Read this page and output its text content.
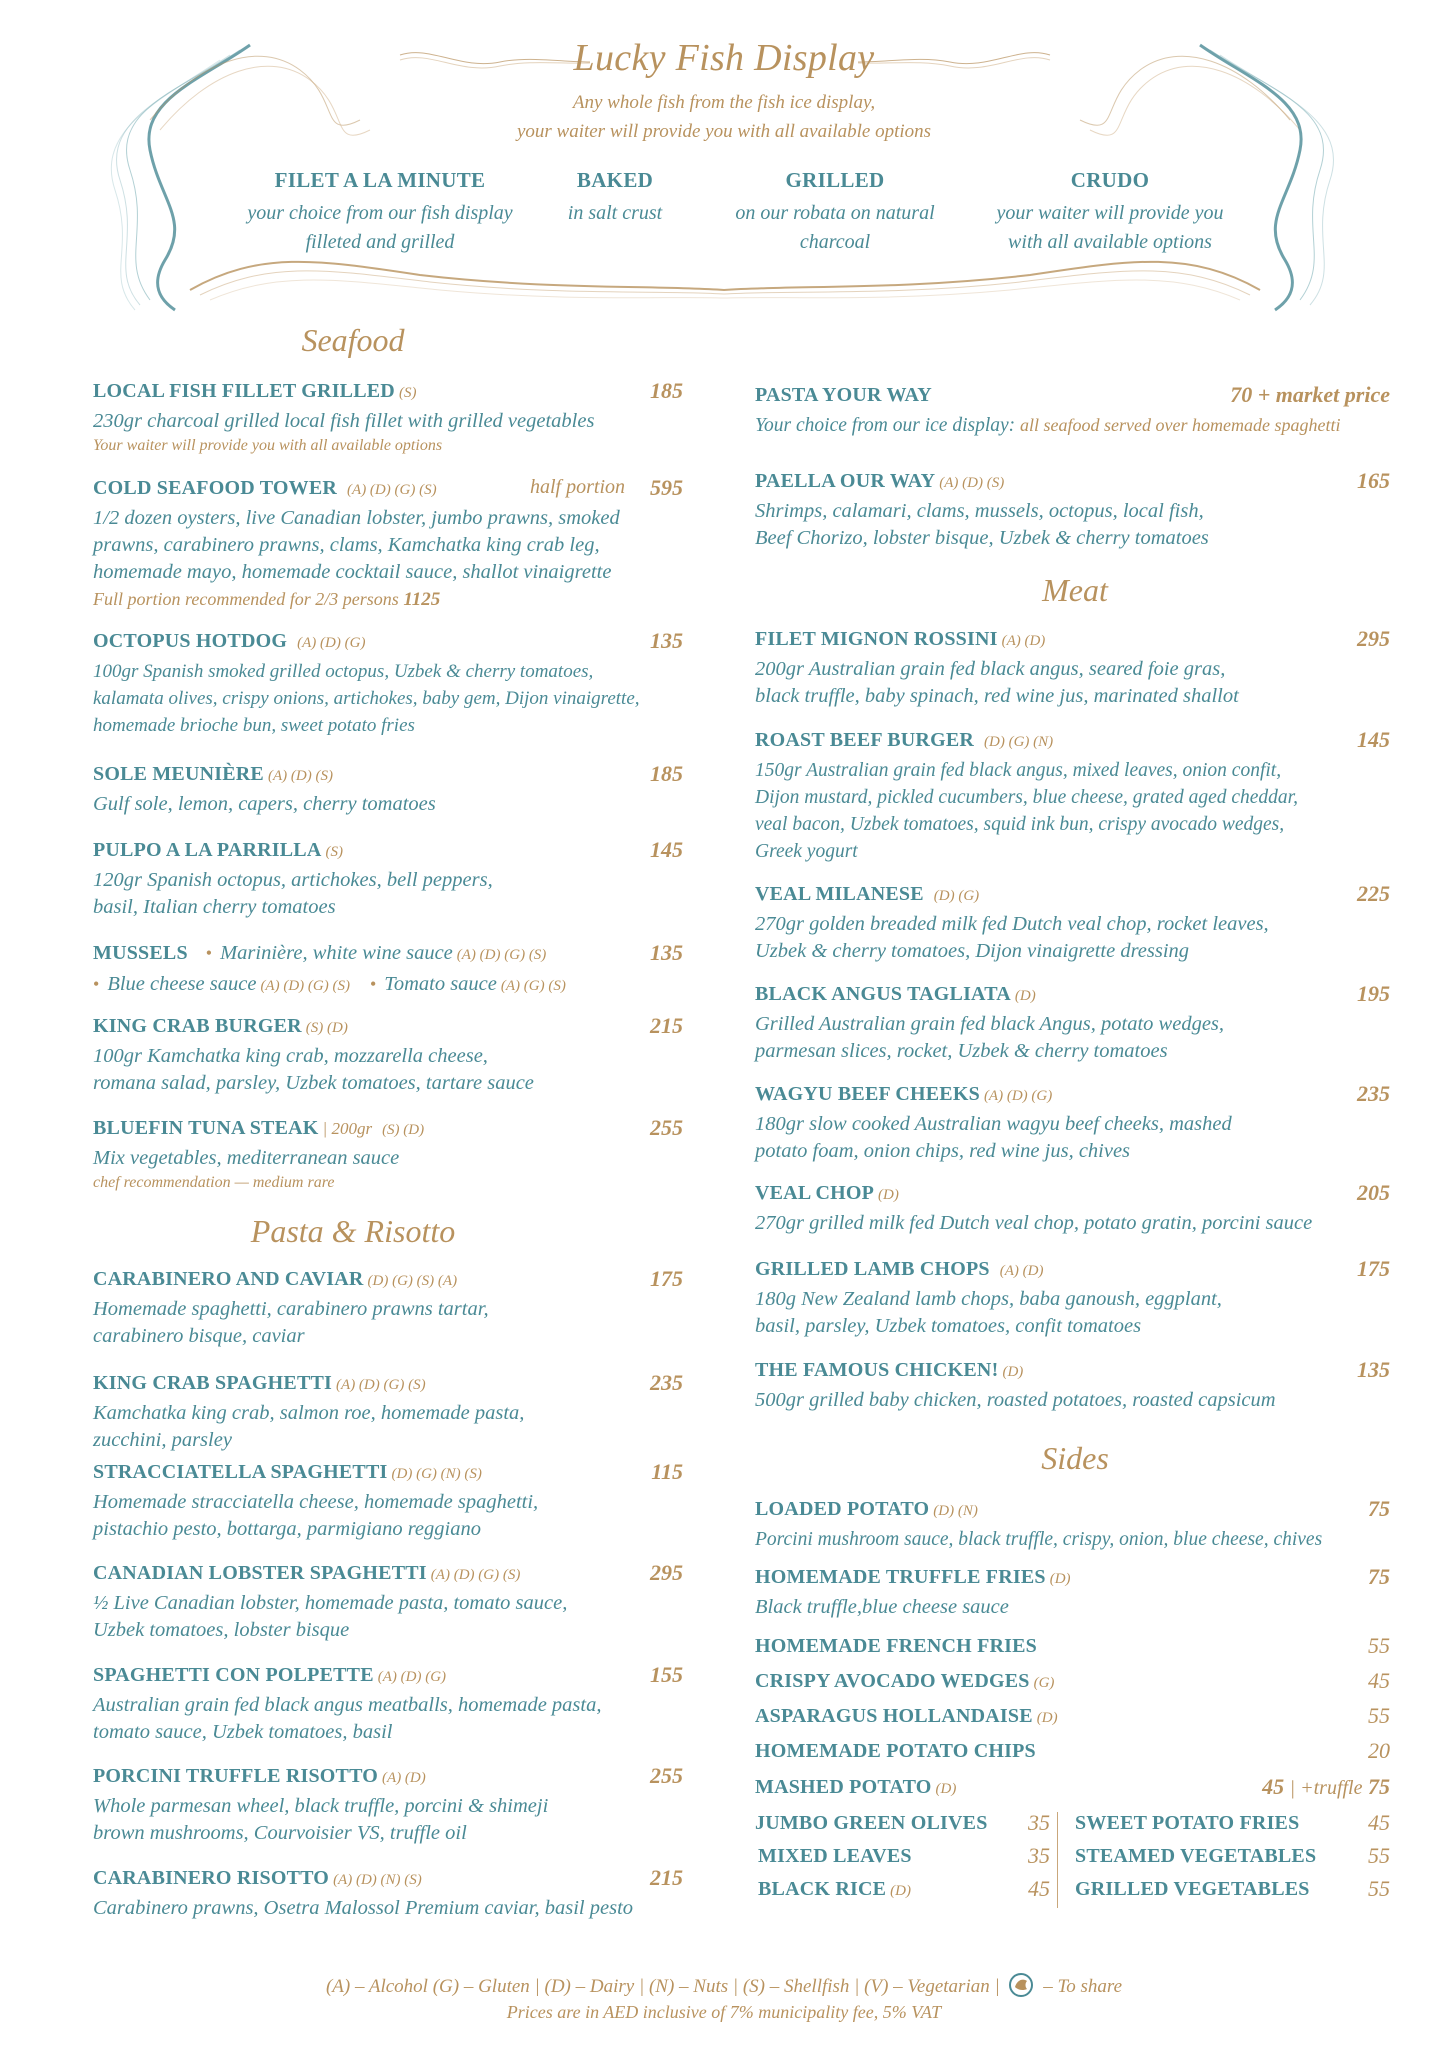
Lucky Fish Display
Any whole fish from the fish ice display,
your waiter will provide you with all available options
FILET A LA MINUTE
your choice from our fish display
filleted and grilled
BAKED
in salt crust
GRILLED
on our robata on natural
charcoal
CRUDO
your waiter will provide you
with all available options
Seafood
LOCAL FISH FILLET GRILLED (S)	185
230gr charcoal grilled local fish fillet with grilled vegetables
Your waiter will provide you with all available options
COLD SEAFOOD TOWER (A) (D) (G) (S)	half portion 595
1/2 dozen oysters, live Canadian lobster, jumbo prawns, smoked
prawns, carabinero prawns, clams, Kamchatka king crab leg,
homemade mayo, homemade cocktail sauce, shallot vinaigrette
Full portion recommended for 2/3 persons 1125
OCTOPUS HOTDOG (A) (D) (G)	135
100gr Spanish smoked grilled octopus, Uzbek & cherry tomatoes,
kalamata olives, crispy onions, artichokes, baby gem, Dijon vinaigrette,
homemade brioche bun, sweet potato fries
SOLE MEUNIÈRE (A) (D) (S)	185
Gulf sole, lemon, capers, cherry tomatoes
PULPO A LA PARRILLA (S)	145
120gr Spanish octopus, artichokes, bell peppers,
basil, Italian cherry tomatoes
MUSSELS • Marinière, white wine sauce (A) (D) (G) (S)	135
• Blue cheese sauce (A) (D) (G) (S) • Tomato sauce (A) (G) (S)
KING CRAB BURGER (S) (D)	215
100gr Kamchatka king crab, mozzarella cheese,
romana salad, parsley, Uzbek tomatoes, tartare sauce
BLUEFIN TUNA STEAK | 200gr (S) (D)	255
Mix vegetables, mediterranean sauce
chef recommendation — medium rare
Pasta & Risotto
CARABINERO AND CAVIAR (D) (G) (S) (A)	175
Homemade spaghetti, carabinero prawns tartar,
carabinero bisque, caviar
KING CRAB SPAGHETTI (A) (D) (G) (S)	235
Kamchatka king crab, salmon roe, homemade pasta,
zucchini, parsley
STRACCIATELLA SPAGHETTI (D) (G) (N) (S)	115
Homemade stracciatella cheese, homemade spaghetti,
pistachio pesto, bottarga, parmigiano reggiano
CANADIAN LOBSTER SPAGHETTI (A) (D) (G) (S)	295
½ Live Canadian lobster, homemade pasta, tomato sauce,
Uzbek tomatoes, lobster bisque
SPAGHETTI CON POLPETTE (A) (D) (G)	155
Australian grain fed black angus meatballs, homemade pasta,
tomato sauce, Uzbek tomatoes, basil
PORCINI TRUFFLE RISOTTO (A) (D)	255
Whole parmesan wheel, black truffle, porcini & shimeji
brown mushrooms, Courvoisier VS, truffle oil
CARABINERO RISOTTO (A) (D) (N) (S)	215
Carabinero prawns, Osetra Malossol Premium caviar, basil pesto
PASTA YOUR WAY	70 + market price
Your choice from our ice display: all seafood served over homemade spaghetti
PAELLA OUR WAY (A) (D) (S)	165
Shrimps, calamari, clams, mussels, octopus, local fish,
Beef Chorizo, lobster bisque, Uzbek & cherry tomatoes
Meat
FILET MIGNON ROSSINI (A) (D)	295
200gr Australian grain fed black angus, seared foie gras,
black truffle, baby spinach, red wine jus, marinated shallot
ROAST BEEF BURGER (D) (G) (N)	145
150gr Australian grain fed black angus, mixed leaves, onion confit,
Dijon mustard, pickled cucumbers, blue cheese, grated aged cheddar,
veal bacon, Uzbek tomatoes, squid ink bun, crispy avocado wedges,
Greek yogurt
VEAL MILANESE (D) (G)	225
270gr golden breaded milk fed Dutch veal chop, rocket leaves,
Uzbek & cherry tomatoes, Dijon vinaigrette dressing
BLACK ANGUS TAGLIATA (D)	195
Grilled Australian grain fed black Angus, potato wedges,
parmesan slices, rocket, Uzbek & cherry tomatoes
WAGYU BEEF CHEEKS (A) (D) (G)	235
180gr slow cooked Australian wagyu beef cheeks, mashed
potato foam, onion chips, red wine jus, chives
VEAL CHOP (D)	205
270gr grilled milk fed Dutch veal chop, potato gratin, porcini sauce
GRILLED LAMB CHOPS (A) (D)	175
180g New Zealand lamb chops, baba ganoush, eggplant,
basil, parsley, Uzbek tomatoes, confit tomatoes
THE FAMOUS CHICKEN! (D)	135
500gr grilled baby chicken, roasted potatoes, roasted capsicum
Sides
LOADED POTATO (D) (N)	75
Porcini mushroom sauce, black truffle, crispy, onion, blue cheese, chives
HOMEMADE TRUFFLE FRIES (D)	75
Black truffle,blue cheese sauce
HOMEMADE FRENCH FRIES	55
CRISPY AVOCADO WEDGES (G)	45
ASPARAGUS HOLLANDAISE (D)	55
HOMEMADE POTATO CHIPS	20
MASHED POTATO (D)	45 | +truffle 75
JUMBO GREEN OLIVES 35
MIXED LEAVES	35
BLACK RICE (D)	45
SWEET POTATO FRIES	45
STEAMED VEGETABLES 55
GRILLED VEGETABLES	55
(A) – Alcohol (G) – Gluten | (D) – Dairy | (N) – Nuts | (S) – Shellfish | (V) – Vegetarian | – To share
Prices are in AED inclusive of 7% municipality fee, 5% VAT
